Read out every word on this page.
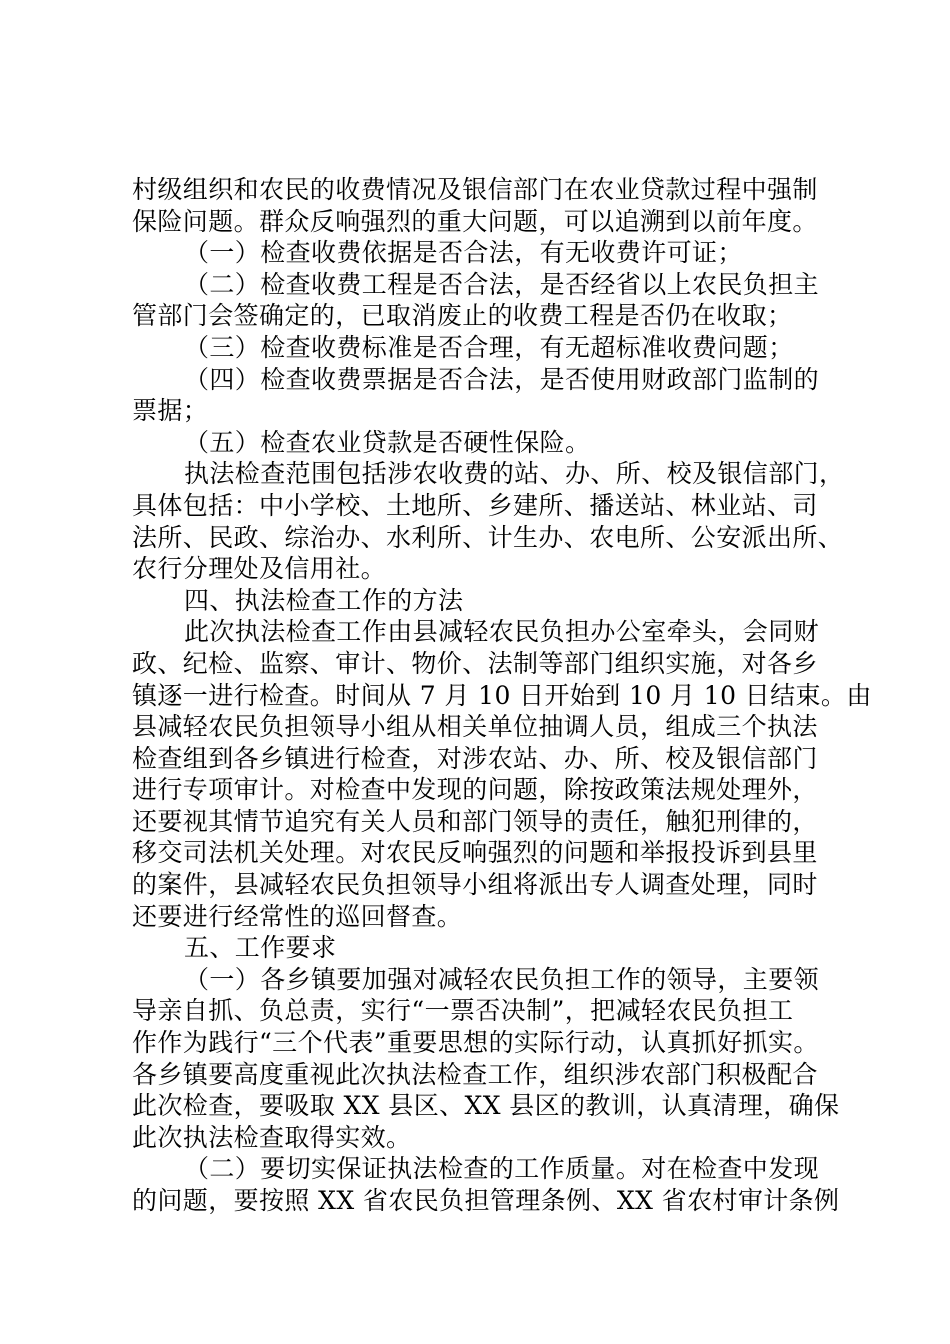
村级组织和农民的收费情况及银信部门在农业贷款过程中强制
保险问题。群众反响强烈的重大问题，可以追溯到以前年度。
（一）检查收费依据是否合法，有无收费许可证；
（二）检查收费工程是否合法，是否经省以上农民负担主
管部门会签确定的，已取消废止的收费工程是否仍在收取；
（三）检查收费标准是否合理，有无超标准收费问题；
（四）检查收费票据是否合法，是否使用财政部门监制的
票据；
（五）检查农业贷款是否硬性保险。
执法检查范围包括涉农收费的站、办、所、校及银信部门，
具体包括：中小学校、土地所、乡建所、播送站、林业站、司
法所、民政、综治办、水利所、计生办、农电所、公安派出所、
农行分理处及信用社。
四、执法检查工作的方法
此次执法检查工作由县减轻农民负担办公室牵头，会同财
政、纪检、监察、审计、物价、法制等部门组织实施，对各乡
镇逐一进行检查。时间从 7 月 10 日开始到 10 月 10 日结束。由
县减轻农民负担领导小组从相关单位抽调人员，组成三个执法
检查组到各乡镇进行检查，对涉农站、办、所、校及银信部门
进行专项审计。对检查中发现的问题，除按政策法规处理外，
还要视其情节追究有关人员和部门领导的责任，触犯刑律的，
移交司法机关处理。对农民反响强烈的问题和举报投诉到县里
的案件，县减轻农民负担领导小组将派出专人调查处理，同时
还要进行经常性的巡回督查。
五、工作要求
（一）各乡镇要加强对减轻农民负担工作的领导，主要领
导亲自抓、负总责，实行“一票否决制”，把减轻农民负担工
作作为践行“三个代表”重要思想的实际行动，认真抓好抓实。
各乡镇要高度重视此次执法检查工作，组织涉农部门积极配合
此次检查，要吸取 XX 县区、XX 县区的教训，认真清理，确保
此次执法检查取得实效。
（二）要切实保证执法检查的工作质量。对在检查中发现
的问题，要按照 XX 省农民负担管理条例、XX 省农村审计条例
